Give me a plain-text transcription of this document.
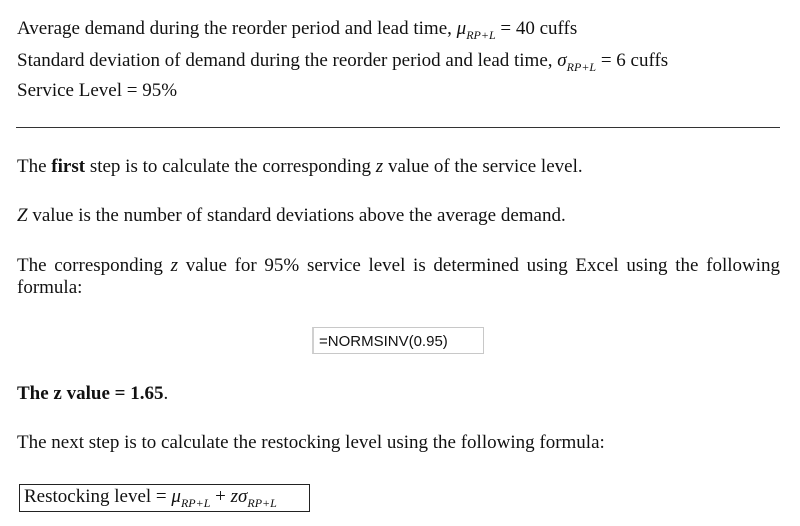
Average demand during the reorder period and lead time, $\mu_{RP+L} = 40$ cuffs
Standard deviation of demand during the reorder period and lead time, $\sigma_{RP+L} = 6$ cuffs
Service Level = 95%
The first step is to calculate the corresponding z value of the service level.
Z value is the number of standard deviations above the average demand.
The corresponding z value for 95% service level is determined using Excel using the following formula:
=NORMSINV(0.95)
The z value = 1.65.
The next step is to calculate the restocking level using the following formula:
Restocking level = $\mu_{RP+L} + z\sigma_{RP+L}$
